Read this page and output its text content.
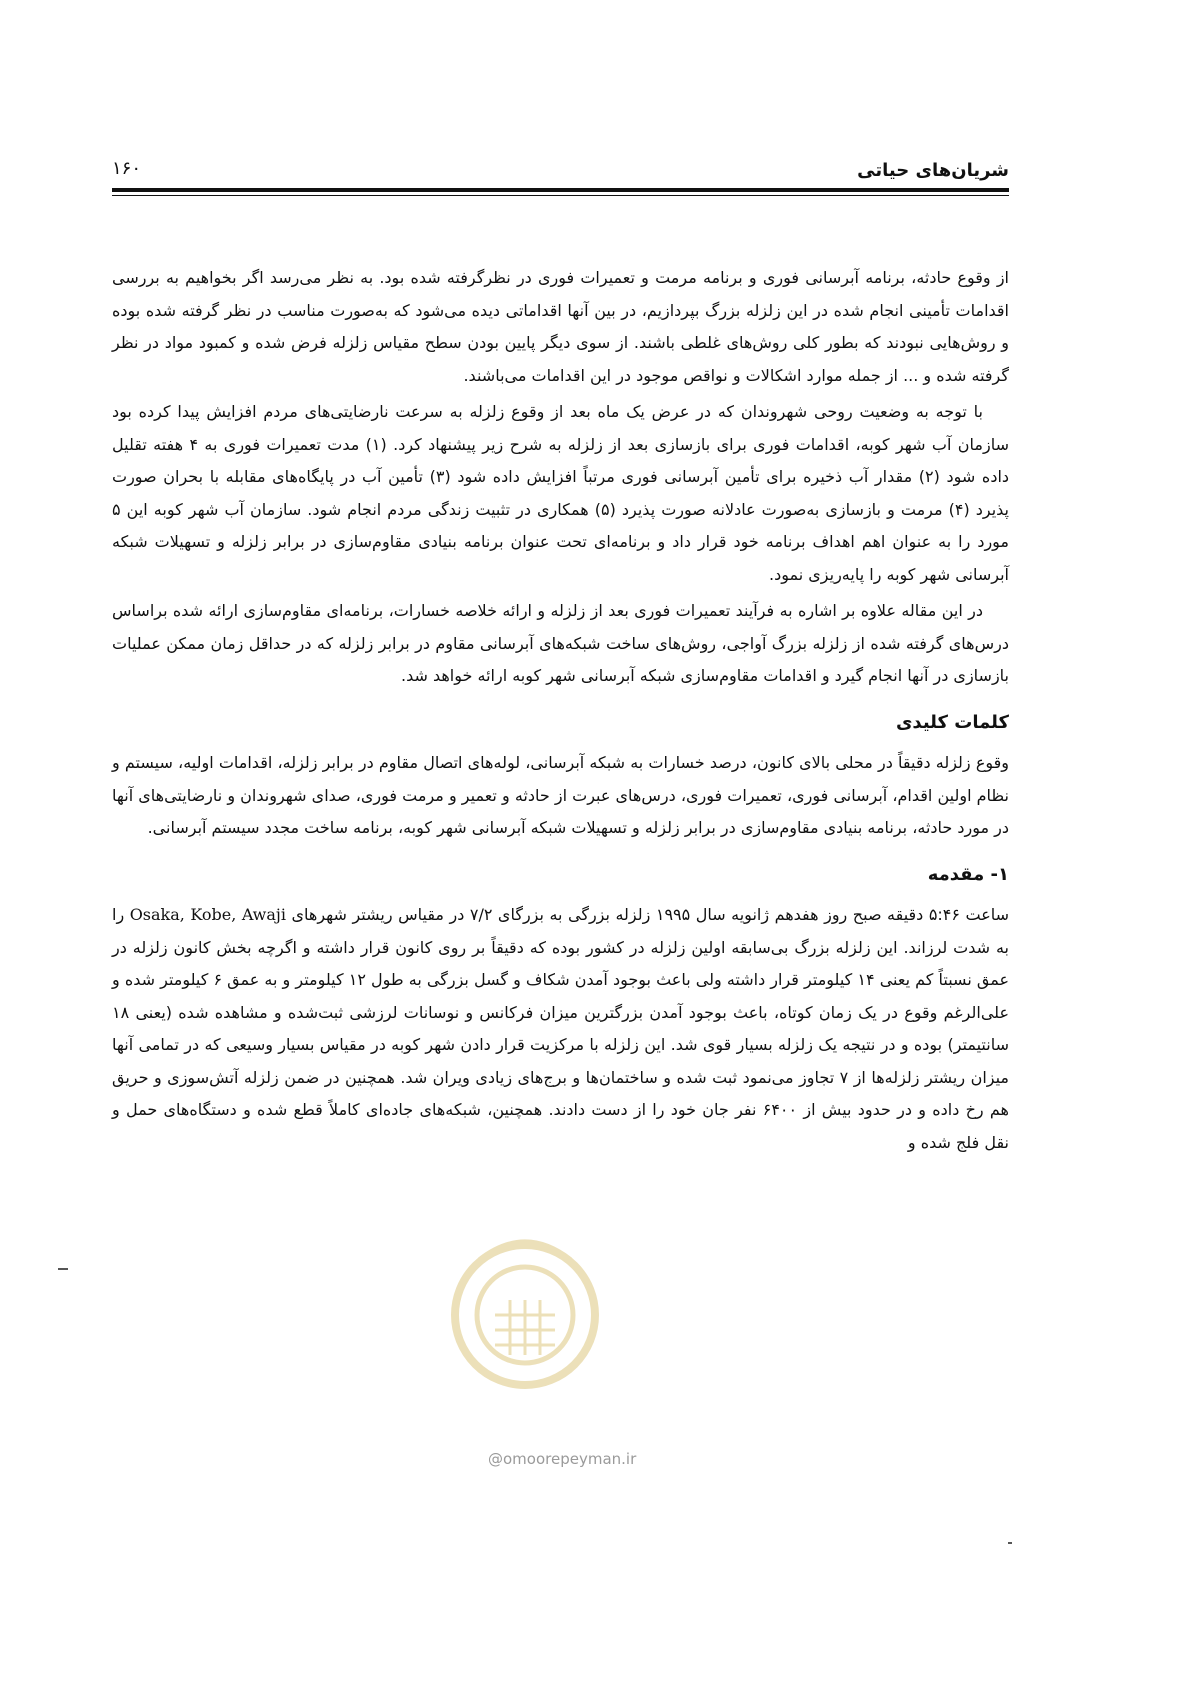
شریان‌های حیاتی
۱۶۰

از وقوع حادثه، برنامه آبرسانی فوری و برنامه مرمت و تعمیرات فوری در نظرگرفته شده بود. به نظر می‌رسد اگر بخواهیم به بررسی اقدامات تأمینی انجام شده در این زلزله بزرگ بپردازیم، در بین آنها اقداماتی دیده می‌شود که به‌صورت مناسب در نظر گرفته شده بوده و روش‌هایی نبودند که بطور کلی روش‌های غلطی باشند. از سوی دیگر پایین بودن سطح مقیاس زلزله فرض شده و کمبود مواد در نظر گرفته شده و ... از جمله موارد اشکالات و نواقص موجود در این اقدامات می‌باشند.

با توجه به وضعیت روحی شهروندان که در عرض یک ماه بعد از وقوع زلزله به سرعت نارضایتی‌های مردم افزایش پیدا کرده بود سازمان آب شهر کوبه، اقدامات فوری برای بازسازی بعد از زلزله به شرح زیر پیشنهاد کرد. (۱) مدت تعمیرات فوری به ۴ هفته تقلیل داده شود (۲) مقدار آب ذخیره برای تأمین آبرسانی فوری مرتباً افزایش داده شود (۳) تأمین آب در پایگاه‌های مقابله با بحران صورت پذیرد (۴) مرمت و بازسازی به‌صورت عادلانه صورت پذیرد (۵) همکاری در تثبیت زندگی مردم انجام شود. سازمان آب شهر کوبه این ۵ مورد را به عنوان اهم اهداف برنامه خود قرار داد و برنامه‌ای تحت عنوان برنامه بنیادی مقاوم‌سازی در برابر زلزله و تسهیلات شبکه آبرسانی شهر کوبه را پایه‌ریزی نمود.

در این مقاله علاوه بر اشاره به فرآیند تعمیرات فوری بعد از زلزله و ارائه خلاصه خسارات، برنامه‌ای مقاوم‌سازی ارائه شده براساس درس‌های گرفته شده از زلزله بزرگ آواجی، روش‌های ساخت شبکه‌های آبرسانی مقاوم در برابر زلزله که در حداقل زمان ممکن عملیات بازسازی در آنها انجام گیرد و اقدامات مقاوم‌سازی شبکه آبرسانی شهر کوبه ارائه خواهد شد.

کلمات کلیدی

وقوع زلزله دقیقاً در محلی بالای کانون، درصد خسارات به شبکه آبرسانی، لوله‌های اتصال مقاوم در برابر زلزله، اقدامات اولیه، سیستم و نظام اولین اقدام، آبرسانی فوری، تعمیرات فوری، درس‌های عبرت از حادثه و تعمیر و مرمت فوری، صدای شهروندان و نارضایتی‌های آنها در مورد حادثه، برنامه بنیادی مقاوم‌سازی در برابر زلزله و تسهیلات شبکه آبرسانی شهر کوبه، برنامه ساخت مجدد سیستم آبرسانی.

۱- مقدمه

ساعت ۵:۴۶ دقیقه صبح روز هفدهم ژانویه سال ۱۹۹۵ زلزله بزرگی به بزرگای ۷/۲ در مقیاس ریشتر شهرهای Osaka, Kobe, Awaji را به شدت لرزاند. این زلزله بزرگ بی‌سابقه اولین زلزله در کشور بوده که دقیقاً بر روی کانون قرار داشته و اگرچه بخش کانون زلزله در عمق نسبتاً کم یعنی ۱۴ کیلومتر قرار داشته ولی باعث بوجود آمدن شکاف و گسل بزرگی به طول ۱۲ کیلومتر و به عمق ۶ کیلومتر شده و علی‌الرغم وقوع در یک زمان کوتاه، باعث بوجود آمدن بزرگترین میزان فرکانس و نوسانات لرزشی ثبت‌شده و مشاهده شده (یعنی ۱۸ سانتیمتر) بوده و در نتیجه یک زلزله بسیار قوی شد. این زلزله با مرکزیت قرار دادن شهر کوبه در مقیاس بسیار وسیعی که در تمامی آنها میزان ریشتر زلزله‌ها از ۷ تجاوز می‌نمود ثبت شده و ساختمان‌ها و برج‌های زیادی ویران شد. همچنین در ضمن زلزله آتش‌سوزی و حریق هم رخ داده و در حدود بیش از ۶۴۰۰ نفر جان خود را از دست دادند. همچنین، شبکه‌های جاده‌ای کاملاً قطع شده و دستگاه‌های حمل و نقل فلج شده و

@omoorepeyman.ir
